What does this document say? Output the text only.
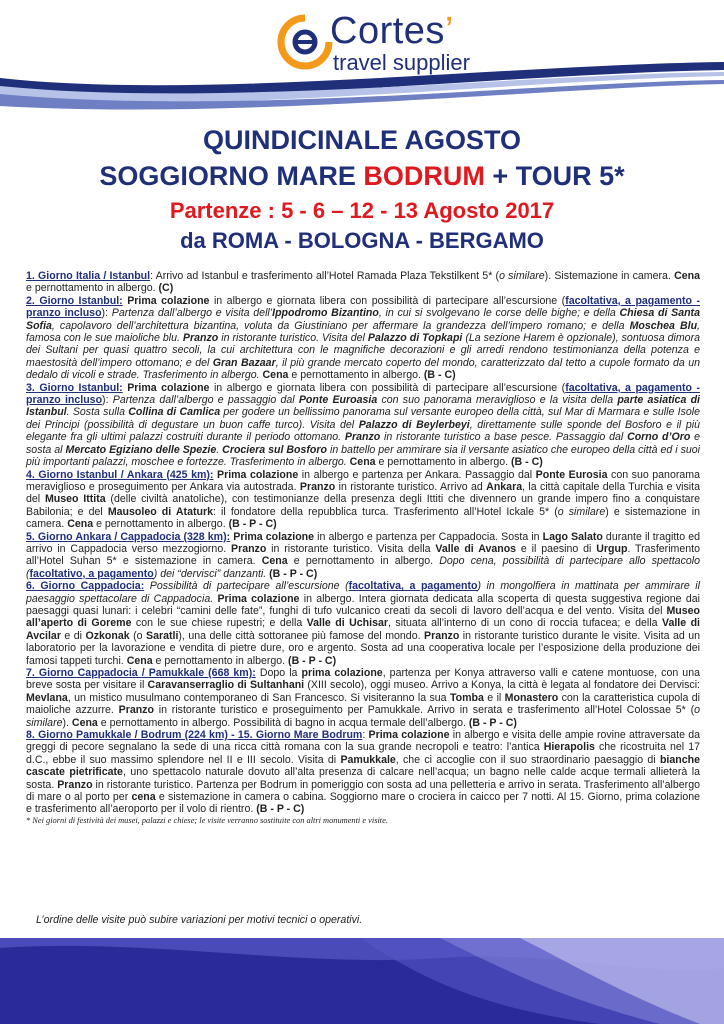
Cortes’
travel supplier
QUINDICINALE AGOSTO
SOGGIORNO MARE BODRUM + TOUR 5*
Partenze : 5 - 6 – 12 - 13 Agosto 2017
da ROMA - BOLOGNA - BERGAMO

1. Giorno Italia / Istanbul: Arrivo ad Istanbul e trasferimento all’Hotel Ramada Plaza Tekstilkent 5* (o similare). Sistemazione in camera. Cena e pernottamento in albergo. (C)

2. Giorno Istanbul: Prima colazione in albergo e giornata libera con possibilità di partecipare all’escursione (facoltativa, a pagamento - pranzo incluso): Partenza dall’albergo e visita dell’Ippodromo Bizantino, in cui si svolgevano le corse delle bighe; e della Chiesa di Santa Sofia, capolavoro dell’architettura bizantina, voluta da Giustiniano per affermare la grandezza dell’impero romano; e della Moschea Blu, famosa con le sue maioliche blu. Pranzo in ristorante turistico. Visita del Palazzo di Topkapi (La sezione Harem è opzionale), sontuosa dimora dei Sultani per quasi quattro secoli, la cui architettura con le magnifiche decorazioni e gli arredi rendono testimonianza della potenza e maestosità dell’impero ottomano; e del Gran Bazaar, il più grande mercato coperto del mondo, caratterizzato dal tetto a cupole formato da un dedalo di vicoli e strade. Trasferimento in albergo. Cena e pernottamento in albergo. (B - C)

3. Giorno Istanbul: Prima colazione in albergo e giornata libera con possibilità di partecipare all’escursione (facoltativa, a pagamento - pranzo incluso): Partenza dall’albergo e passaggio dal Ponte Euroasia con suo panorama meraviglioso e la visita della parte asiatica di Istanbul. Sosta sulla Collina di Camlica per godere un bellissimo panorama sul versante europeo della città, sul Mar di Marmara e sulle Isole dei Principi (possibilità di degustare un buon caffe turco). Visita del Palazzo di Beylerbeyi, direttamente sulle sponde del Bosforo e il più elegante fra gli ultimi palazzi costruiti durante il periodo ottomano. Pranzo in ristorante turistico a base pesce. Passaggio dal Corno d’Oro e sosta al Mercato Egiziano delle Spezie. Crociera sul Bosforo in battello per ammirare sia il versante asiatico che europeo della città ed i suoi più importanti palazzi, moschee e fortezze. Trasferimento in albergo. Cena e pernottamento in albergo. (B - C)

4. Giorno Istanbul / Ankara (425 km): Prima colazione in albergo e partenza per Ankara. Passaggio dal Ponte Eurosia con suo panorama meraviglioso e proseguimento per Ankara via autostrada. Pranzo in ristorante turistico. Arrivo ad Ankara, la città capitale della Turchia e visita del Museo Ittita (delle civiltà anatoliche), con testimonianze della presenza degli Ittiti che divennero un grande impero fino a conquistare Babilonia; e del Mausoleo di Ataturk: il fondatore della repubblica turca. Trasferimento all’Hotel Ickale 5* (o similare) e sistemazione in camera. Cena e pernottamento in albergo. (B - P - C)

5. Giorno Ankara / Cappadocia (328 km): Prima colazione in albergo e partenza per Cappadocia. Sosta in Lago Salato durante il tragitto ed arrivo in Cappadocia verso mezzogiorno. Pranzo in ristorante turistico. Visita della Valle di Avanos e il paesino di Urgup. Trasferimento all’Hotel Suhan 5* e sistemazione in camera. Cena e pernottamento in albergo. Dopo cena, possibilità di partecipare allo spettacolo (facoltativo, a pagamento) dei “dervisci” danzanti. (B - P - C)

6. Giorno Cappadocia: Possibilità di partecipare all’escursione (facoltativa, a pagamento) in mongolfiera in mattinata per ammirare il paesaggio spettacolare di Cappadocia. Prima colazione in albergo. Intera giornata dedicata alla scoperta di questa suggestiva regione dai paesaggi quasi lunari: i celebri “camini delle fate”, funghi di tufo vulcanico creati da secoli di lavoro dell’acqua e del vento. Visita del Museo all’aperto di Goreme con le sue chiese rupestri; e della Valle di Uchisar, situata all’interno di un cono di roccia tufacea; e della Valle di Avcilar e di Ozkonak (o Saratli), una delle città sottoranee più famose del mondo. Pranzo in ristorante turistico durante le visite. Visita ad un laboratorio per la lavorazione e vendita di pietre dure, oro e argento. Sosta ad una cooperativa locale per l’esposizione della produzione dei famosi tappeti turchi. Cena e pernottamento in albergo. (B - P - C)

7. Giorno Cappadocia / Pamukkale (668 km): Dopo la prima colazione, partenza per Konya attraverso valli e catene montuose, con una breve sosta per visitare il Caravanserraglio di Sultanhani (XIII secolo), oggi museo. Arrivo a Konya, la città è legata al fondatore dei Dervisci: Mevlana, un mistico musulmano contemporaneo di San Francesco. Si visiteranno la sua Tomba e il Monastero con la caratteristica cupola di maioliche azzurre. Pranzo in ristorante turistico e proseguimento per Pamukkale. Arrivo in serata e trasferimento all’Hotel Colossae 5* (o similare). Cena e pernottamento in albergo. Possibilità di bagno in acqua termale dell’albergo. (B - P - C)

8. Giorno Pamukkale / Bodrum (224 km) - 15. Giorno Mare Bodrum: Prima colazione in albergo e visita delle ampie rovine attraversate da greggi di pecore segnalano la sede di una ricca città romana con la sua grande necropoli e teatro: l’antica Hierapolis che ricostruita nel 17 d.C., ebbe il suo massimo splendore nel II e III secolo. Visita di Pamukkale, che ci accoglie con il suo straordinario paesaggio di bianche cascate pietrificate, uno spettacolo naturale dovuto all’alta presenza di calcare nell’acqua; un bagno nelle calde acque termali allieterà la sosta. Pranzo in ristorante turistico. Partenza per Bodrum in pomeriggio con sosta ad una pelletteria e arrivo in serata. Trasferimento all’albergo di mare o al porto per cena e sistemazione in camera o cabina. Soggiorno mare o crociera in caicco per 7 notti. Al 15. Giorno, prima colazione e trasferimento all’aeroporto per il volo di rientro. (B - P - C)

* Nei giorni di festività dei musei, palazzi e chiese; le visite verranno sostituite con altri monumenti e visite.
L’ordine delle visite può subire variazioni per motivi tecnici o operativi.
